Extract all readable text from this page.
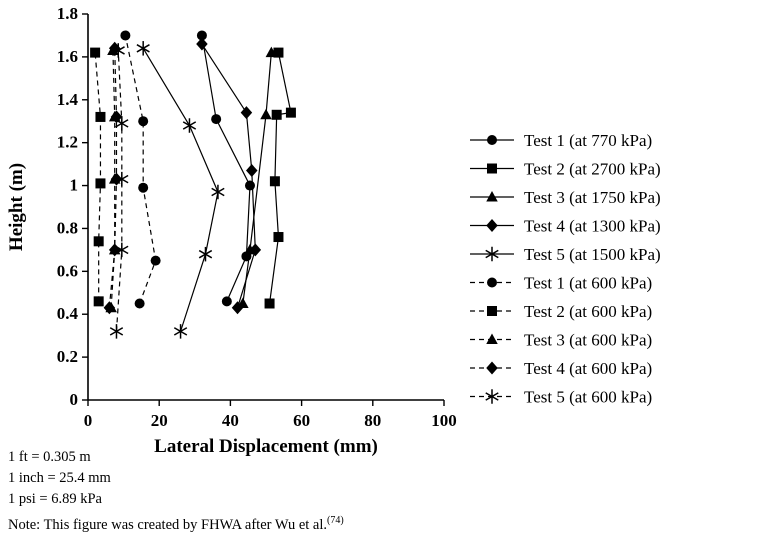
0
0.2
0.4
0.6
0.8
1
1.2
1.4
1.6
1.8
0	20	40	60	80	100
Lateral Displacement (mm)
Height (m)
Test 1 (at 770 kPa)
Test 2 (at 2700 kPa)
Test 3 (at 1750 kPa)
Test 4 (at 1300 kPa)
Test 5 (at 1500 kPa)
Test 1 (at 600 kPa)
Test 2 (at 600 kPa)
Test 3 (at 600 kPa)
Test 4 (at 600 kPa)
Test 5 (at 600 kPa)
1 ft = 0.305 m
1 inch = 25.4 mm
1 psi = 6.89 kPa
Note: This figure was created by FHWA after Wu et al.$^{(74)}$
